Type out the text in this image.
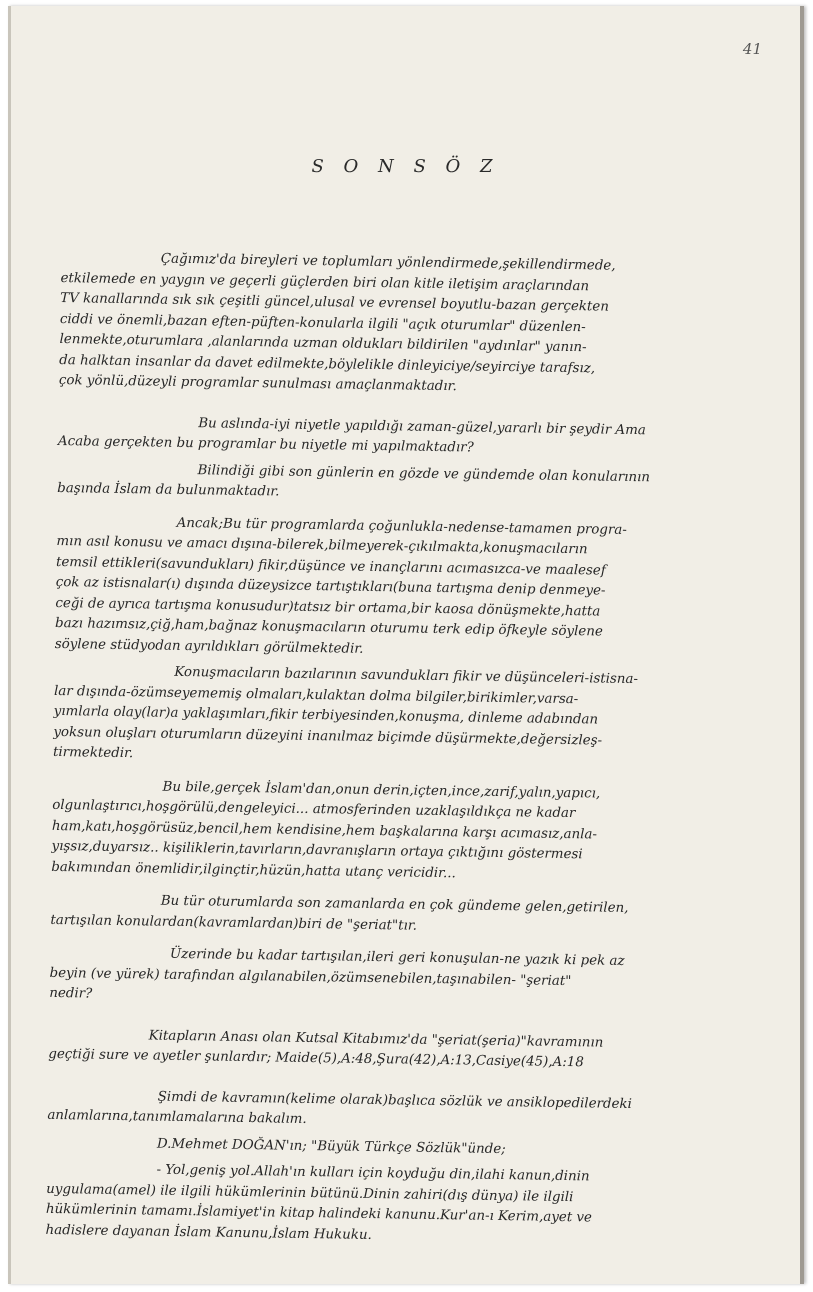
41
S O N S Ö Z
Çağımız'da bireyleri ve toplumları yönlendirmede,şekillendirmede,
etkilemede en yaygın ve geçerli güçlerden biri olan kitle iletişim araçlarından
TV kanallarında sık sık çeşitli güncel,ulusal ve evrensel boyutlu-bazan gerçekten
ciddi ve önemli,bazan eften-püften-konularla ilgili "açık oturumlar" düzenlen-
lenmekte,oturumlara ,alanlarında uzman oldukları bildirilen "aydınlar" yanın-
da halktan insanlar da davet edilmekte,böylelikle dinleyiciye/seyirciye tarafsız,
çok yönlü,düzeyli programlar sunulması amaçlanmaktadır.
Bu aslında-iyi niyetle yapıldığı zaman-güzel,yararlı bir şeydir Ama
Acaba gerçekten bu programlar bu niyetle mi yapılmaktadır?
Bilindiği gibi son günlerin en gözde ve gündemde olan konularının
başında İslam da bulunmaktadır.
Ancak;Bu tür programlarda çoğunlukla-nedense-tamamen progra-
mın asıl konusu ve amacı dışına-bilerek,bilmeyerek-çıkılmakta,konuşmacıların
temsil ettikleri(savundukları) fikir,düşünce ve inançlarını acımasızca-ve maalesef
çok az istisnalar(ı) dışında düzeysizce tartıştıkları(buna tartışma denip denmeye-
ceği de ayrıca tartışma konusudur)tatsız bir ortama,bir kaosa dönüşmekte,hatta
bazı hazımsız,çiğ,ham,bağnaz konuşmacıların oturumu terk edip öfkeyle söylene
söylene stüdyodan ayrıldıkları görülmektedir.
Konuşmacıların bazılarının savundukları fikir ve düşünceleri-istisna-
lar dışında-özümseyememiş olmaları,kulaktan dolma bilgiler,birikimler,varsa-
yımlarla olay(lar)a yaklaşımları,fikir terbiyesinden,konuşma, dinleme adabından
yoksun oluşları oturumların düzeyini inanılmaz biçimde düşürmekte,değersizleş-
tirmektedir.
Bu bile,gerçek İslam'dan,onun derin,içten,ince,zarif,yalın,yapıcı,
olgunlaştırıcı,hoşgörülü,dengeleyici... atmosferinden uzaklaşıldıkça ne kadar
ham,katı,hoşgörüsüz,bencil,hem kendisine,hem başkalarına karşı acımasız,anla-
yışsız,duyarsız.. kişiliklerin,tavırların,davranışların ortaya çıktığını göstermesi
bakımından önemlidir,ilginçtir,hüzün,hatta utanç vericidir...
Bu tür oturumlarda son zamanlarda en çok gündeme gelen,getirilen,
tartışılan konulardan(kavramlardan)biri de "şeriat"tır.
Üzerinde bu kadar tartışılan,ileri geri konuşulan-ne yazık ki pek az
beyin (ve yürek) tarafından algılanabilen,özümsenebilen,taşınabilen- "şeriat"
nedir?
Kitapların Anası olan Kutsal Kitabımız'da "şeriat(şeria)"kavramının
geçtiği sure ve ayetler şunlardır; Maide(5),A:48,Şura(42),A:13,Casiye(45),A:18
Şimdi de kavramın(kelime olarak)başlıca sözlük ve ansiklopedilerdeki
anlamlarına,tanımlamalarına bakalım.
D.Mehmet DOĞAN'ın; "Büyük Türkçe Sözlük"ünde;
- Yol,geniş yol.Allah'ın kulları için koyduğu din,ilahi kanun,dinin
uygulama(amel) ile ilgili hükümlerinin bütünü.Dinin zahiri(dış dünya) ile ilgili
hükümlerinin tamamı.İslamiyet'in kitap halindeki kanunu.Kur'an-ı Kerim,ayet ve
hadislere dayanan İslam Kanunu,İslam Hukuku.
